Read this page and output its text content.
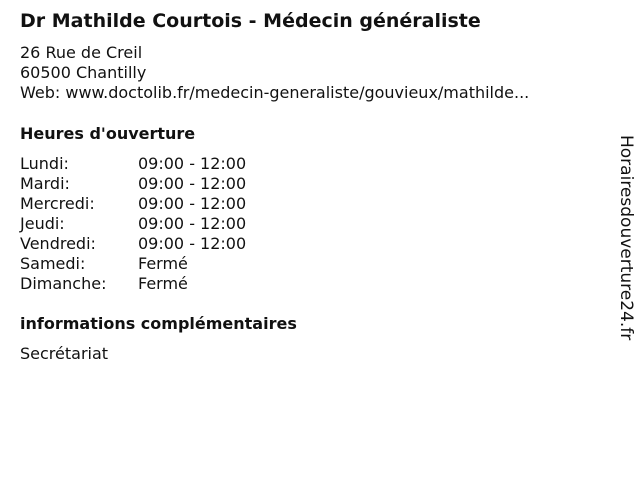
Dr Mathilde Courtois - Médecin généraliste
26 Rue de Creil
60500 Chantilly
Web: www.doctolib.fr/medecin-generaliste/gouvieux/mathilde...
Heures d'ouverture
Lundi:	09:00 - 12:00
Mardi:	09:00 - 12:00
Mercredi:	09:00 - 12:00
Jeudi:	09:00 - 12:00
Vendredi:	09:00 - 12:00
Samedi:	Fermé
Dimanche:	Fermé
informations complémentaires
Secrétariat
Horairesdouverture24.fr
